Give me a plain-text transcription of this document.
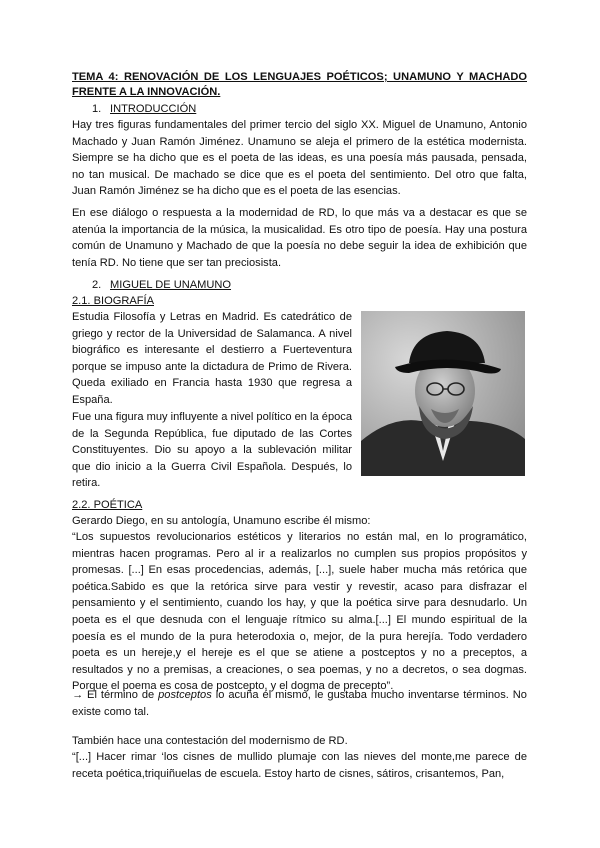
TEMA 4: RENOVACIÓN DE LOS LENGUAJES POÉTICOS; UNAMUNO Y MACHADO FRENTE A LA INNOVACIÓN.
1. INTRODUCCIÓN

Hay tres figuras fundamentales del primer tercio del siglo XX. Miguel de Unamuno, Antonio Machado y Juan Ramón Jiménez. Unamuno se aleja el primero de la estética modernista. Siempre se ha dicho que es el poeta de las ideas, es una poesía más pausada, pensada, no tan musical. De machado se dice que es el poeta del sentimiento. Del otro que falta, Juan Ramón Jiménez se ha dicho que es el poeta de las esencias.

En ese diálogo o respuesta a la modernidad de RD, lo que más va a destacar es que se atenúa la importancia de la música, la musicalidad. Es otro tipo de poesía. Hay una postura común de Unamuno y Machado de que la poesía no debe seguir la idea de exhibición que tenía RD. No tiene que ser tan preciosista.

2. MIGUEL DE UNAMUNO
2.1. BIOGRAFÍA

Estudia Filosofía y Letras en Madrid. Es catedrático de griego y rector de la Universidad de Salamanca. A nivel biográfico es interesante el destierro a Fuerteventura porque se impuso ante la dictadura de Primo de Rivera. Queda exiliado en Francia hasta 1930 que regresa a España.

Fue una figura muy influyente a nivel político en la época de la Segunda República, fue diputado de las Cortes Constituyentes. Dio su apoyo a la sublevación militar que dio inicio a la Guerra Civil Española. Después, lo retira.

2.2. POÉTICA

Gerardo Diego, en su antología, Unamuno escribe él mismo:

“Los supuestos revolucionarios estéticos y literarios no están mal, en lo programático, mientras hacen programas. Pero al ir a realizarlos no cumplen sus propios propósitos y promesas. [...] En esas procedencias, además, [...], suele haber mucha más retórica que poética.Sabido es que la retórica sirve para vestir y revestir, acaso para disfrazar el pensamiento y el sentimiento, cuando los hay, y que la poética sirve para desnudarlo. Un poeta es el que desnuda con el lenguaje rítmico su alma.[...] El mundo espiritual de la poesía es el mundo de la pura heterodoxia o, mejor, de la pura herejía. Todo verdadero poeta es un hereje,y el hereje es el que se atiene a postceptos y no a preceptos, a resultados y no a premisas, a creaciones, o sea poemas, y no a decretos, o sea dogmas. Porque el poema es cosa de postcepto, y el dogma de precepto”.

→ El término de postceptos lo acuña él mismo, le gustaba mucho inventarse términos. No existe como tal.

También hace una contestación del modernismo de RD.

“[...] Hacer rimar ‘los cisnes de mullido plumaje con las nieves del monte,me parece de receta poética,triquiñuelas de escuela. Estoy harto de cisnes, sátiros, crisantemos, Pan,
